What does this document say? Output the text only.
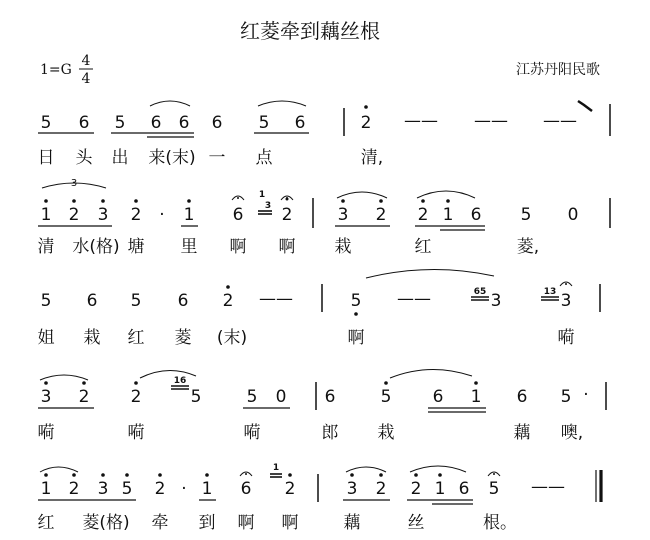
红菱牵到藕丝根
1=G
4
4
江苏丹阳民歌
5 6 5 6 6 6 5 6	2 —— —— ——
日 头 出 来(末) 一 点	清,
1 2 3 2 · 1 6 2	3 2 2 1 6 5 0
3
1
3
清 水(格) 塘 里 啊 啊 栽	红	菱,
5 6 5 6 2 ——	5 ——	3	3
65	13
姐 栽 红 菱 (末)	啊	嗬
3 2 2	5	5 0 6	5 6 1 6 5 ·
16
嗬	嗬	嗬	郎 栽	藕 噢,
1 2 3 5 2 · 1 6 2	3 2 2 1 6 5 ——
1
红 菱(格) 牵 到 啊 啊	藕	丝	根。
